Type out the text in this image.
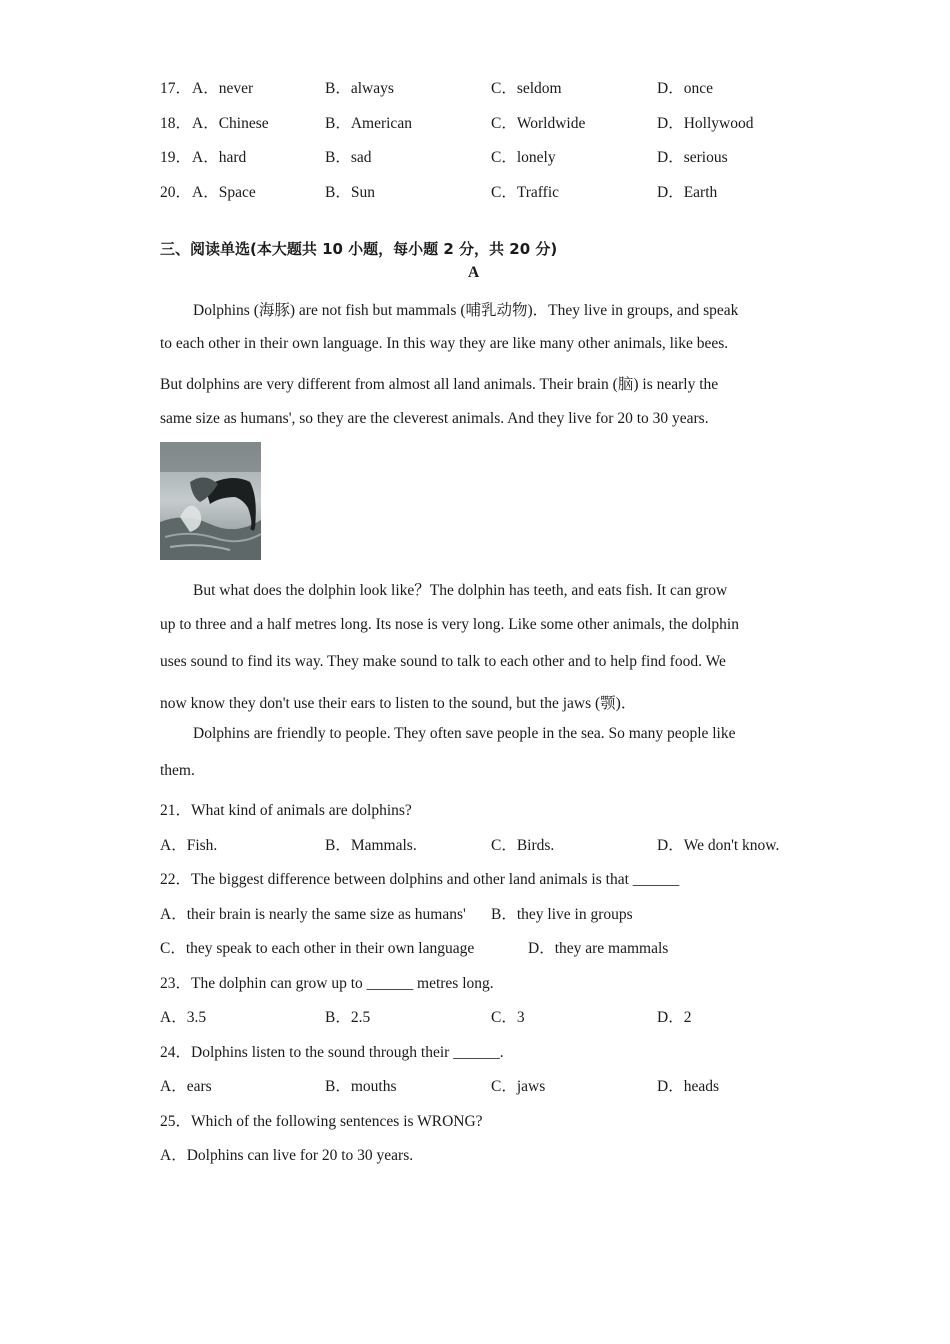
17． A．never	B．always	C．seldom	D．once
18． A．Chinese	B．American	C．Worldwide	D．Hollywood
19． A．hard	B．sad	C．lonely	D．serious
20． A．Space	B．Sun	C．Traffic	D．Earth
三、阅读单选(本大题共 10 小题，每小题 2 分，共 20 分)
A
Dolphins (海豚) are not fish but mammals (哺乳动物)．They live in groups, and speak
to each other in their own language. In this way they are like many other animals, like bees.
But dolphins are very different from almost all land animals. Their brain (脑) is nearly the
same size as humans', so they are the cleverest animals. And they live for 20 to 30 years.
But what does the dolphin look like？The dolphin has teeth, and eats fish. It can grow
up to three and a half metres long. Its nose is very long. Like some other animals, the dolphin
uses sound to find its way. They make sound to talk to each other and to help find food. We
now know they don't use their ears to listen to the sound, but the jaws (颚)．
Dolphins are friendly to people. They often save people in the sea. So many people like
them.
21．What kind of animals are dolphins?
A．Fish.	B．Mammals.	C．Birds.	D．We don't know.
22．The biggest difference between dolphins and other land animals is that ______
A．their brain is nearly the same size as humans' B．they live in groups
C．they speak to each other in their own language	D．they are mammals
23．The dolphin can grow up to ______ metres long.
A．3.5	B．2.5	C．3	D．2
24．Dolphins listen to the sound through their ______.
A．ears	B．mouths	C．jaws	D．heads
25．Which of the following sentences is WRONG?
A．Dolphins can live for 20 to 30 years.
